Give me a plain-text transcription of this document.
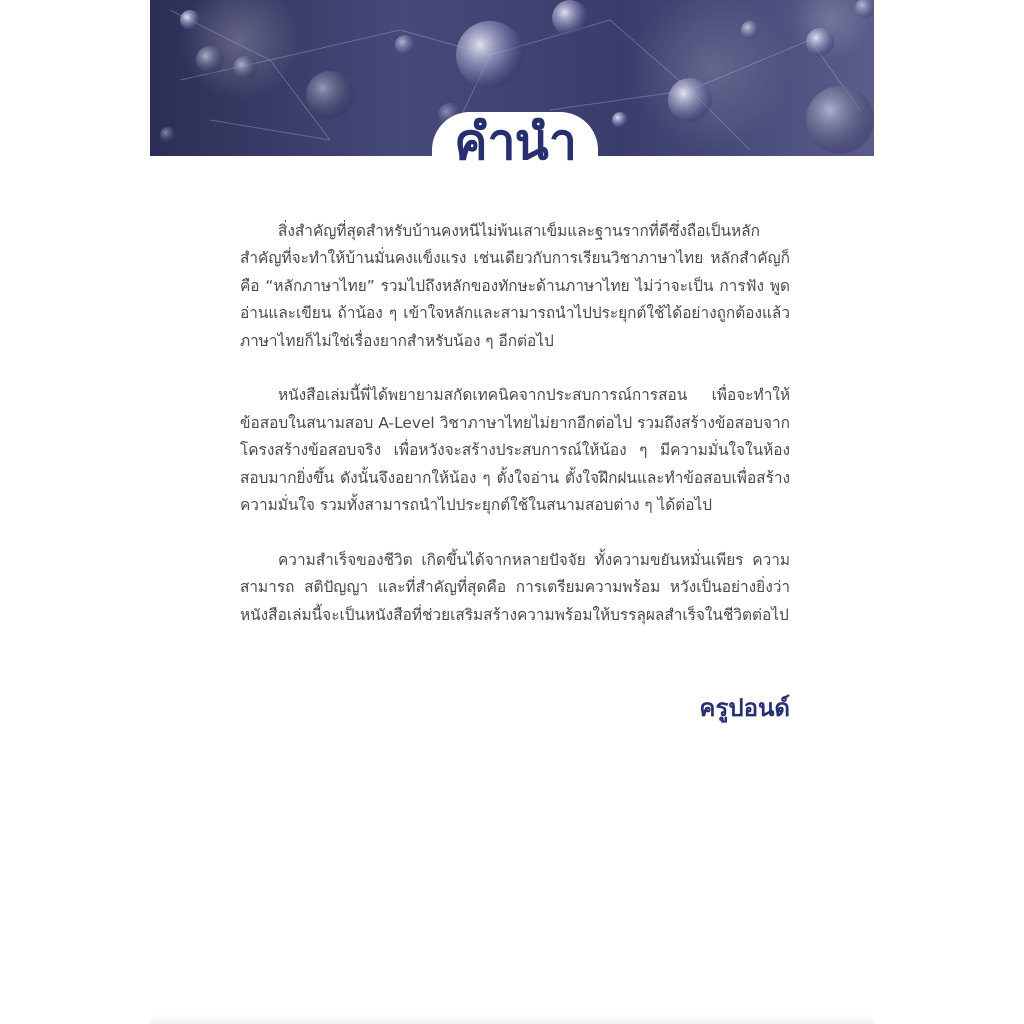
คำนำ

สิ่งสำคัญที่สุดสำหรับบ้านคงหนีไม่พ้นเสาเข็มและฐานรากที่ดีซึ่งถือเป็นหลักสำคัญที่จะทำให้บ้านมั่นคงแข็งแรง เช่นเดียวกับการเรียนวิชาภาษาไทย หลักสำคัญก็คือ “หลักภาษาไทย” รวมไปถึงหลักของทักษะด้านภาษาไทย ไม่ว่าจะเป็น การฟัง พูด อ่านและเขียน ถ้าน้อง ๆ เข้าใจหลักและสามารถนำไปประยุกต์ใช้ได้อย่างถูกต้องแล้ว ภาษาไทยก็ไม่ใช่เรื่องยากสำหรับน้อง ๆ อีกต่อไป

หนังสือเล่มนี้พี่ได้พยายามสกัดเทคนิคจากประสบการณ์การสอน เพื่อจะทำให้ข้อสอบในสนามสอบ A-Level วิชาภาษาไทยไม่ยากอีกต่อไป รวมถึงสร้างข้อสอบจากโครงสร้างข้อสอบจริง เพื่อหวังจะสร้างประสบการณ์ให้น้อง ๆ มีความมั่นใจในห้องสอบมากยิ่งขึ้น ดังนั้นจึงอยากให้น้อง ๆ ตั้งใจอ่าน ตั้งใจฝึกฝนและทำข้อสอบเพื่อสร้างความมั่นใจ รวมทั้งสามารถนำไปประยุกต์ใช้ในสนามสอบต่าง ๆ ได้ต่อไป

ความสำเร็จของชีวิต เกิดขึ้นได้จากหลายปัจจัย ทั้งความขยันหมั่นเพียร ความสามารถ สติปัญญา และที่สำคัญที่สุดคือ การเตรียมความพร้อม หวังเป็นอย่างยิ่งว่าหนังสือเล่มนี้จะเป็นหนังสือที่ช่วยเสริมสร้างความพร้อมให้บรรลุผลสำเร็จในชีวิตต่อไป

ครูปอนด์
